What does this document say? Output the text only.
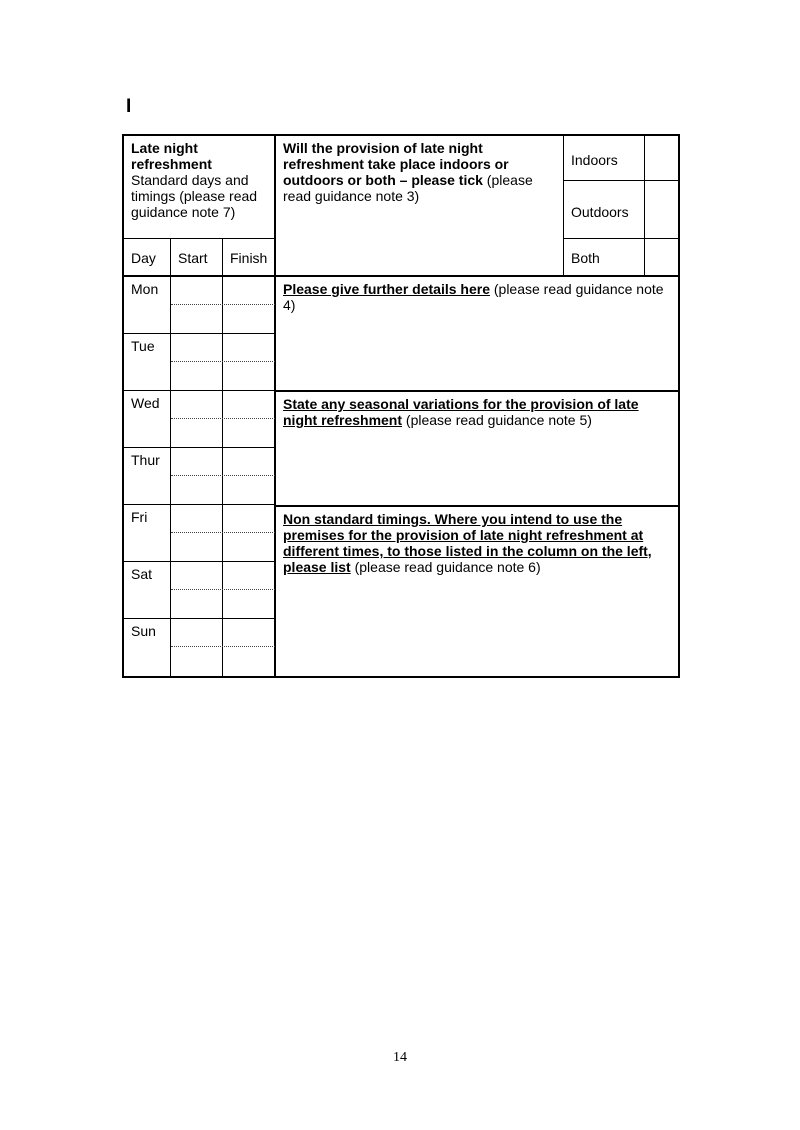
I
Late night refreshment
Standard days and timings (please read guidance note 7)
Day	Start	Finish
Will the provision of late night refreshment take place indoors or outdoors or both – please tick (please read guidance note 3)
Indoors
Outdoors
Both
Mon
Tue
Wed
Thur
Fri
Sat
Sun
Please give further details here (please read guidance note 4)
State any seasonal variations for the provision of late night refreshment (please read guidance note 5)
Non standard timings. Where you intend to use the premises for the provision of late night refreshment at different times, to those listed in the column on the left, please list (please read guidance note 6)
14
